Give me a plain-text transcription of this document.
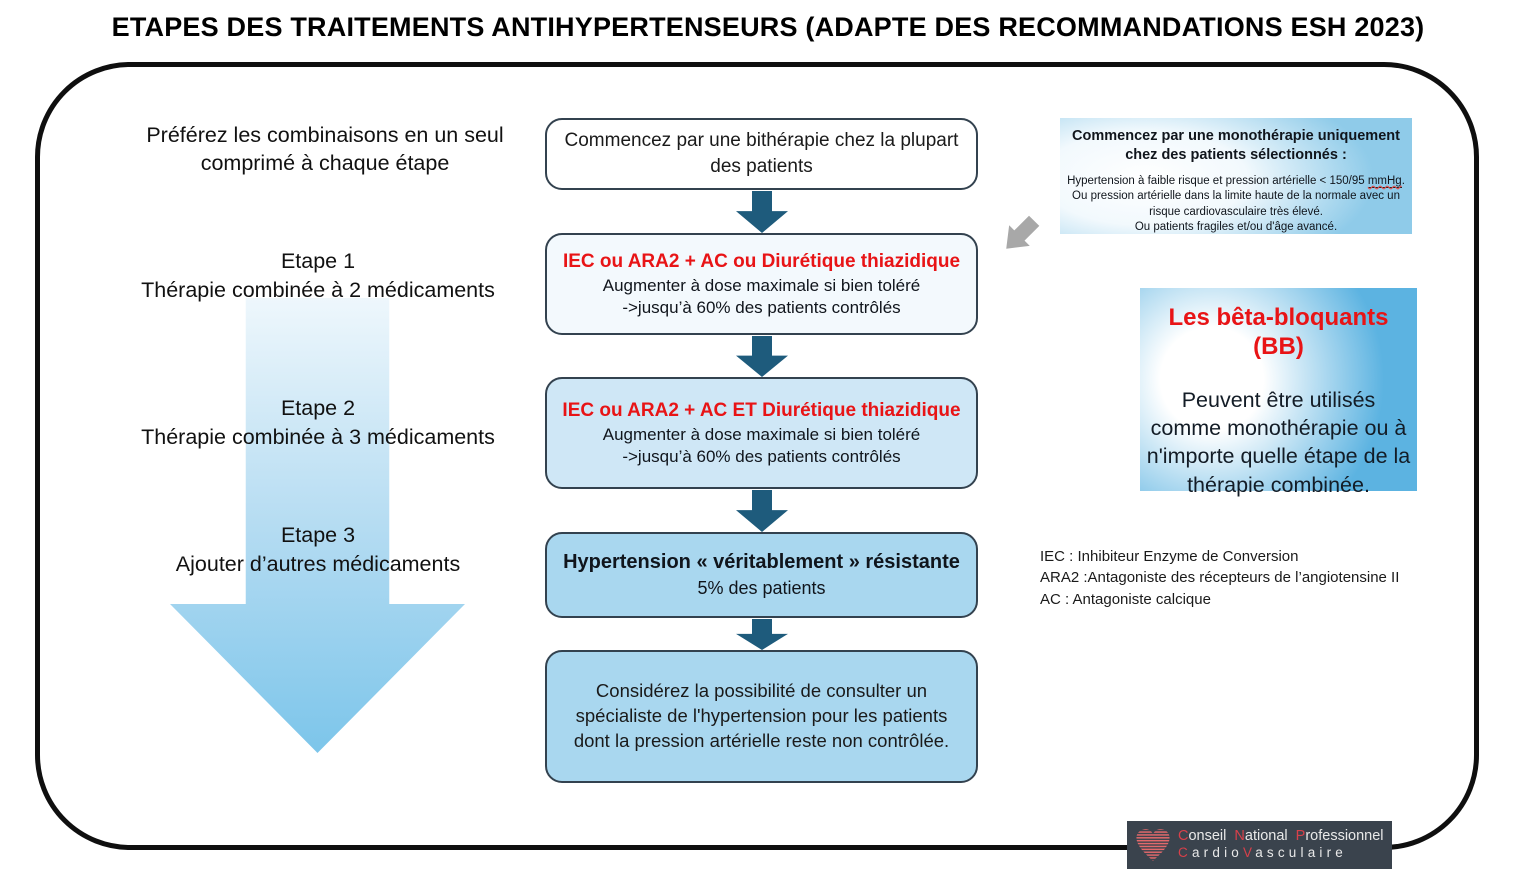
ETAPES DES TRAITEMENTS ANTIHYPERTENSEURS (ADAPTE DES RECOMMANDATIONS ESH 2023)
Préférez les combinaisons en un seul comprimé à chaque étape
Etape 1
Thérapie combinée à 2 médicaments
Etape 2
Thérapie combinée à 3 médicaments
Etape 3
Ajouter d’autres médicaments
Commencez par une bithérapie chez la plupart des patients
IEC ou ARA2 + AC ou Diurétique thiazidique
Augmenter à dose maximale si bien toléré
->jusqu’à 60% des patients contrôlés
IEC ou ARA2 + AC ET Diurétique thiazidique
Augmenter à dose maximale si bien toléré
->jusqu’à 60% des patients contrôlés
Hypertension « véritablement » résistante
5% des patients
Considérez la possibilité de consulter un spécialiste de l'hypertension pour les patients dont la pression artérielle reste non contrôlée.
Commencez par une monothérapie uniquement chez des patients sélectionnés :
Hypertension à faible risque et pression artérielle < 150/95 mmHg.
Ou pression artérielle dans la limite haute de la normale avec un risque cardiovasculaire très élevé.
Ou patients fragiles et/ou d'âge avancé.
Les bêta-bloquants (BB)
Peuvent être utilisés comme monothérapie ou à n'importe quelle étape de la thérapie combinée.
IEC : Inhibiteur Enzyme de Conversion
ARA2 :Antagoniste des récepteurs de l’angiotensine II
AC : Antagoniste calcique
Conseil National Professionnel
CardioVasculaire
